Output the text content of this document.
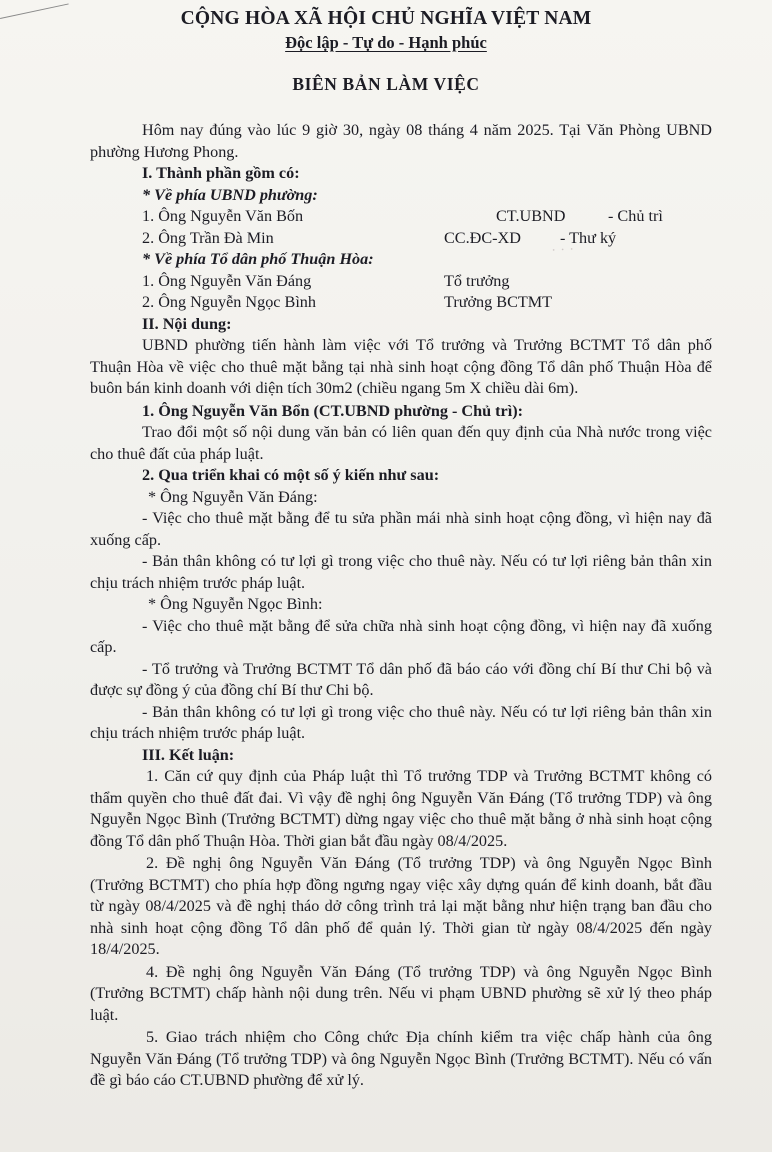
∙ ∙ ∙
CỘNG HÒA XÃ HỘI CHỦ NGHĨA VIỆT NAM
Độc lập - Tự do - Hạnh phúc
BIÊN BẢN LÀM VIỆC
Hôm nay đúng vào lúc 9 giờ 30, ngày 08 tháng 4 năm 2025. Tại Văn Phòng UBND phường Hương Phong.
I. Thành phần gồm có:
* Về phía UBND phường:
1. Ông Nguyễn Văn Bốn	CT.UBND	- Chủ trì
2. Ông Trần Đà Min	CC.ĐC-XD	- Thư ký
* Về phía Tổ dân phố Thuận Hòa:
1. Ông Nguyễn Văn Đáng	Tổ trưởng
2. Ông Nguyễn Ngọc Bình	Trưởng BCTMT
II. Nội dung:
UBND phường tiến hành làm việc với Tổ trưởng và Trưởng BCTMT Tổ dân phố Thuận Hòa về việc cho thuê mặt bằng tại nhà sinh hoạt cộng đồng Tổ dân phố Thuận Hòa để buôn bán kinh doanh với diện tích 30m2 (chiều ngang 5m X chiều dài 6m).
1. Ông Nguyễn Văn Bổn (CT.UBND phường - Chủ trì):
Trao đổi một số nội dung văn bản có liên quan đến quy định của Nhà nước trong việc cho thuê đất của pháp luật.
2. Qua triển khai có một số ý kiến như sau:
* Ông Nguyễn Văn Đáng:
- Việc cho thuê mặt bằng để tu sửa phần mái nhà sinh hoạt cộng đồng, vì hiện nay đã xuống cấp.
- Bản thân không có tư lợi gì trong việc cho thuê này. Nếu có tư lợi riêng bản thân xin chịu trách nhiệm trước pháp luật.
* Ông Nguyễn Ngọc Bình:
- Việc cho thuê mặt bằng để sửa chữa nhà sinh hoạt cộng đồng, vì hiện nay đã xuống cấp.
- Tổ trưởng và Trưởng BCTMT Tổ dân phố đã báo cáo với đồng chí Bí thư Chi bộ và được sự đồng ý của đồng chí Bí thư Chi bộ.
- Bản thân không có tư lợi gì trong việc cho thuê này. Nếu có tư lợi riêng bản thân xin chịu trách nhiệm trước pháp luật.
III. Kết luận:
1. Căn cứ quy định của Pháp luật thì Tổ trưởng TDP và Trưởng BCTMT không có thẩm quyền cho thuê đất đai. Vì vậy đề nghị ông Nguyễn Văn Đáng (Tổ trưởng TDP) và ông Nguyễn Ngọc Bình (Trưởng BCTMT) dừng ngay việc cho thuê mặt bằng ở nhà sinh hoạt cộng đồng Tổ dân phố Thuận Hòa. Thời gian bắt đầu ngày 08/4/2025.
2. Đề nghị ông Nguyễn Văn Đáng (Tổ trưởng TDP) và ông Nguyễn Ngọc Bình (Trưởng BCTMT) cho phía hợp đồng ngưng ngay việc xây dựng quán để kinh doanh, bắt đầu từ ngày 08/4/2025 và đề nghị tháo dở công trình trả lại mặt bằng như hiện trạng ban đầu cho nhà sinh hoạt cộng đồng Tổ dân phố để quản lý. Thời gian từ ngày 08/4/2025 đến ngày 18/4/2025.
4. Đề nghị ông Nguyễn Văn Đáng (Tổ trưởng TDP) và ông Nguyễn Ngọc Bình (Trưởng BCTMT) chấp hành nội dung trên. Nếu vi phạm UBND phường sẽ xử lý theo pháp luật.
5. Giao trách nhiệm cho Công chức Địa chính kiểm tra việc chấp hành của ông Nguyễn Văn Đáng (Tổ trưởng TDP) và ông Nguyễn Ngọc Bình (Trưởng BCTMT). Nếu có vấn đề gì báo cáo CT.UBND phường để xử lý.
